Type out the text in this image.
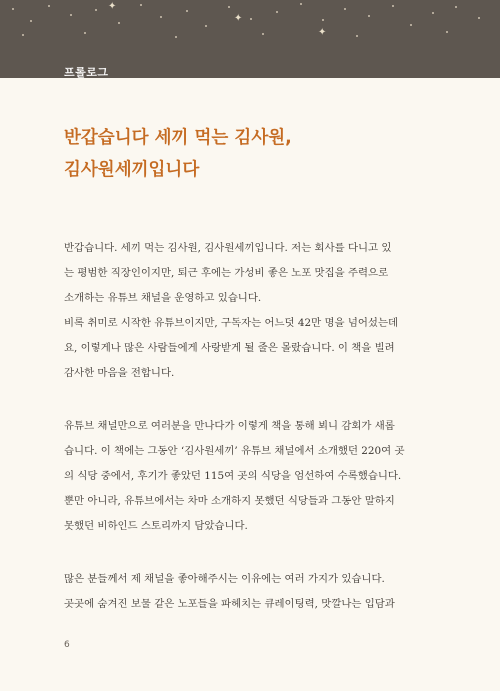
✦
✦
✦
프롤로그
반갑습니다 세끼 먹는 김사원,
김사원세끼입니다

반갑습니다. 세끼 먹는 김사원, 김사원세끼입니다. 저는 회사를 다니고 있
는 평범한 직장인이지만, 퇴근 후에는 가성비 좋은 노포 맛집을 주력으로
소개하는 유튜브 채널을 운영하고 있습니다.
비록 취미로 시작한 유튜브이지만, 구독자는 어느덧 42만 명을 넘어섰는데
요, 이렇게나 많은 사람들에게 사랑받게 될 줄은 몰랐습니다. 이 책을 빌려
감사한 마음을 전합니다.

유튜브 채널만으로 여러분을 만나다가 이렇게 책을 통해 뵈니 감회가 새롭
습니다. 이 책에는 그동안 ‘김사원세끼’ 유튜브 채널에서 소개했던 220여 곳
의 식당 중에서, 후기가 좋았던 115여 곳의 식당을 엄선하여 수록했습니다.
뿐만 아니라, 유튜브에서는 차마 소개하지 못했던 식당들과 그동안 말하지
못했던 비하인드 스토리까지 담았습니다.

많은 분들께서 제 채널을 좋아해주시는 이유에는 여러 가지가 있습니다.
곳곳에 숨겨진 보물 같은 노포들을 파헤치는 큐레이팅력, 맛깔나는 입담과

6
